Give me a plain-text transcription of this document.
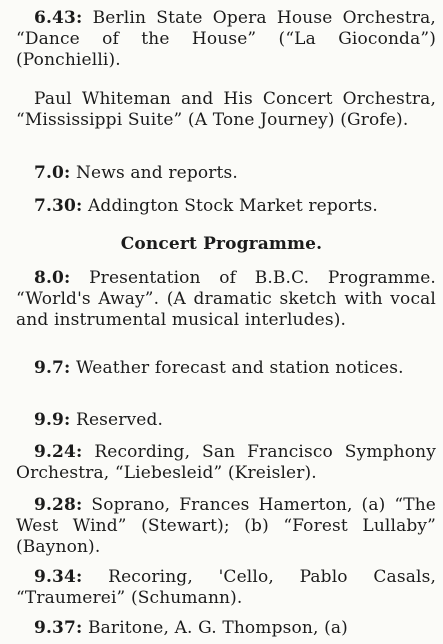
6.43: Berlin State Opera House Orchestra, “Dance of the House” (“La Gioconda”) (Ponchielli).

Paul Whiteman and His Concert Orchestra, “Mississippi Suite” (A Tone Journey) (Grofe).

7.0: News and reports.

7.30: Addington Stock Market reports.

Concert Programme.

8.0: Presentation of B.B.C. Programme. “World's Away”. (A dramatic sketch with vocal and instrumental musical interludes).

9.7: Weather forecast and station notices.

9.9: Reserved.

9.24: Recording, San Francisco Symphony Orchestra, “Liebesleid” (Kreisler).

9.28: Soprano, Frances Hamerton, (a) “The West Wind” (Stewart); (b) “Forest Lullaby” (Baynon).

9.34: Recoring, 'Cello, Pablo Casals, “Traumerei” (Schumann).

9.37: Baritone, A. G. Thompson, (a)
